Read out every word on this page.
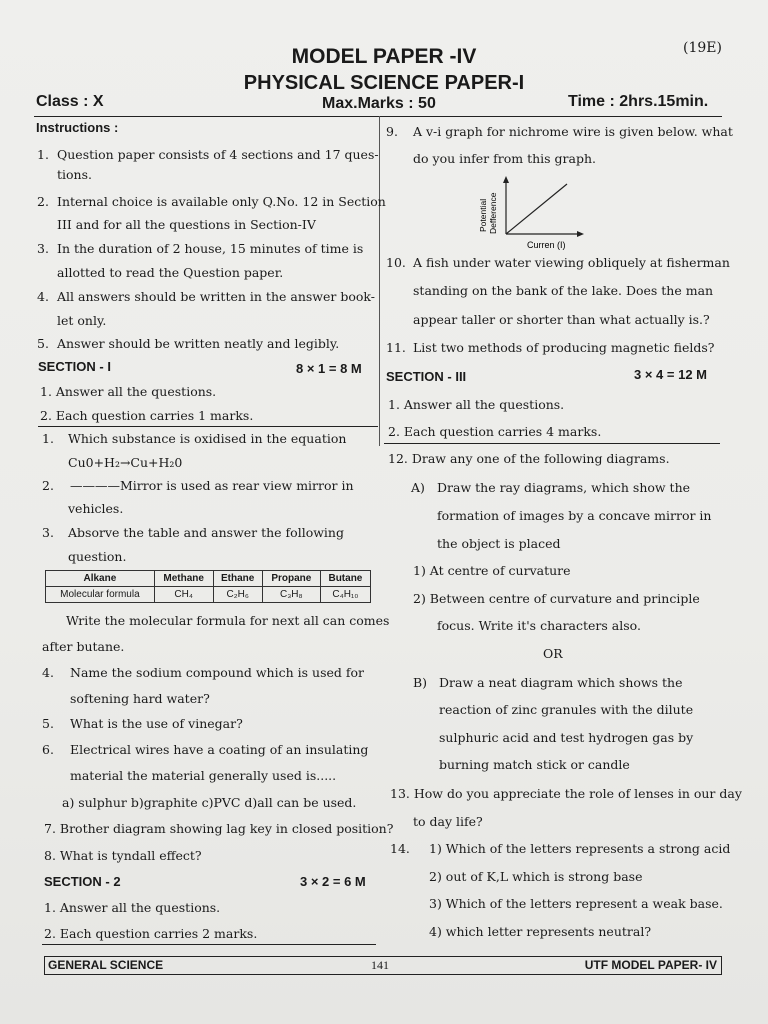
MODEL PAPER -IV
PHYSICAL SCIENCE PAPER-I
(19E)
Class : X	Max.Marks : 50	Time : 2hrs.15min.
Instructions :
1. Question paper consists of 4 sections and 17 ques-
tions.
2. Internal choice is available only Q.No. 12 in Section
III and for all the questions in Section-IV
3. In the duration of 2 house, 15 minutes of time is
allotted to read the Question paper.
4. All answers should be written in the answer book-
let only.
5. Answer should be written neatly and legibly.
SECTION - I	8 × 1 = 8 M
1. Answer all the questions.
2. Each question carries 1 marks.
1. Which substance is oxidised in the equation
Cu0+H₂→Cu+H₂0
2. ————Mirror is used as rear view mirror in
vehicles.
3. Absorve the table and answer the following
question.
Alkane	Methane	Ethane	Propane	Butane
Molecular formula	CH₄	C₂H₆	C₃H₈	C₄H₁₀
Write the molecular formula for next all can comes
after butane.
4. Name the sodium compound which is used for
softening hard water?
5. What is the use of vinegar?
6. Electrical wires have a coating of an insulating
material the material generally used is.....
a) sulphur b)graphite c)PVC d)all can be used.
7. Brother diagram showing lag key in closed position?
8. What is tyndall effect?
SECTION - 2	3 × 2 = 6 M
1. Answer all the questions.
2. Each question carries 2 marks.
9. A v-i graph for nichrome wire is given below. what
do you infer from this graph.
Potential Defference
Curren (I)
10. A fish under water viewing obliquely at fisherman
standing on the bank of the lake. Does the man
appear taller or shorter than what actually is.?
11. List two methods of producing magnetic fields?
SECTION - III	3 × 4 = 12 M
1. Answer all the questions.
2. Each question carries 4 marks.
12. Draw any one of the following diagrams.
A) Draw the ray diagrams, which show the
formation of images by a concave mirror in
the object is placed
1) At centre of curvature
2) Between centre of curvature and principle
focus. Write it's characters also.
OR
B) Draw a neat diagram which shows the
reaction of zinc granules with the dilute
sulphuric acid and test hydrogen gas by
burning match stick or candle
13. How do you appreciate the role of lenses in our day
to day life?
14. 1) Which of the letters represents a strong acid
2) out of K,L which is strong base
3) Which of the letters represent a weak base.
4) which letter represents neutral?
GENERAL SCIENCE	141	UTF MODEL PAPER- IV
